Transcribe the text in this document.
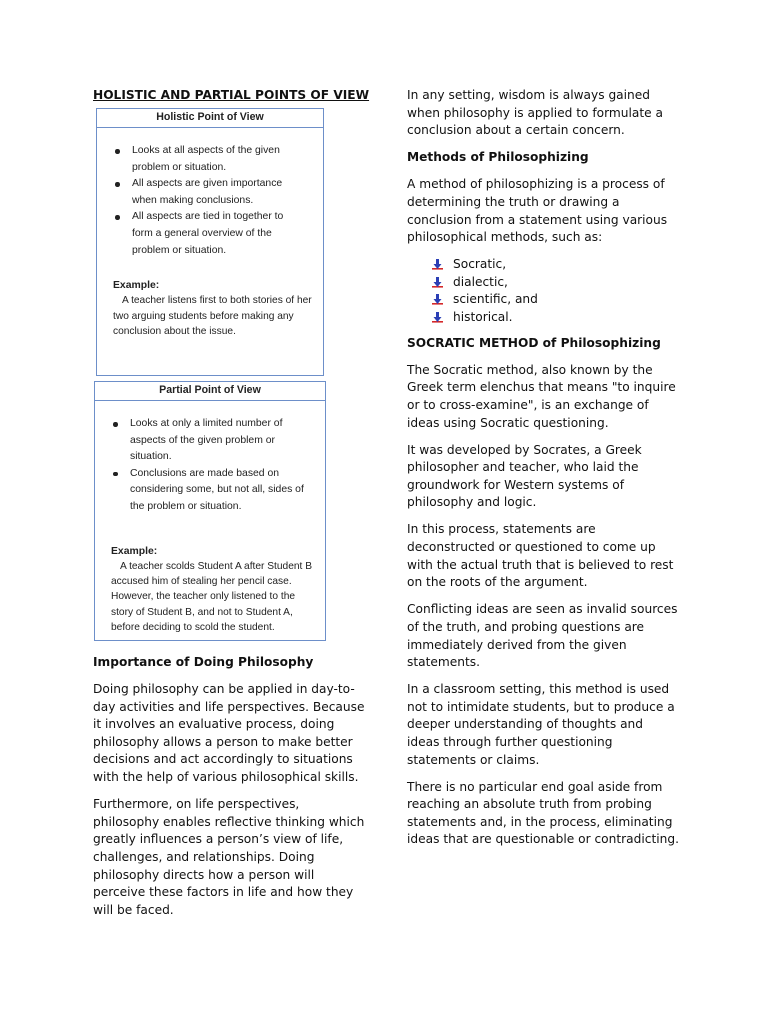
HOLISTIC AND PARTIAL POINTS OF VIEW
Holistic Point of View
Looks at all aspects of the given problem or situation.
All aspects are given importance when making conclusions.
All aspects are tied in together to form a general overview of the problem or situation.
Example:
A teacher listens first to both stories of her two arguing students before making any conclusion about the issue.
Partial Point of View
Looks at only a limited number of aspects of the given problem or situation.
Conclusions are made based on considering some, but not all, sides of the problem or situation.
Example:
A teacher scolds Student A after Student B accused him of stealing her pencil case. However, the teacher only listened to the story of Student B, and not to Student A, before deciding to scold the student.
Importance of Doing Philosophy
Doing philosophy can be applied in day-to-day activities and life perspectives. Because it involves an evaluative process, doing philosophy allows a person to make better decisions and act accordingly to situations with the help of various philosophical skills.
Furthermore, on life perspectives, philosophy enables reflective thinking which greatly influences a person’s view of life, challenges, and relationships. Doing philosophy directs how a person will perceive these factors in life and how they will be faced.
In any setting, wisdom is always gained when philosophy is applied to formulate a conclusion about a certain concern.
Methods of Philosophizing
A method of philosophizing is a process of determining the truth or drawing a conclusion from a statement using various philosophical methods, such as:
Socratic,
dialectic,
scientific, and
historical.
SOCRATIC METHOD of Philosophizing
The Socratic method, also known by the Greek term elenchus that means "to inquire or to cross-examine", is an exchange of ideas using Socratic questioning.
It was developed by Socrates, a Greek philosopher and teacher, who laid the groundwork for Western systems of philosophy and logic.
In this process, statements are deconstructed or questioned to come up with the actual truth that is believed to rest on the roots of the argument.
Conflicting ideas are seen as invalid sources of the truth, and probing questions are immediately derived from the given statements.
In a classroom setting, this method is used not to intimidate students, but to produce a deeper understanding of thoughts and ideas through further questioning statements or claims.
There is no particular end goal aside from reaching an absolute truth from probing statements and, in the process, eliminating ideas that are questionable or contradicting.
